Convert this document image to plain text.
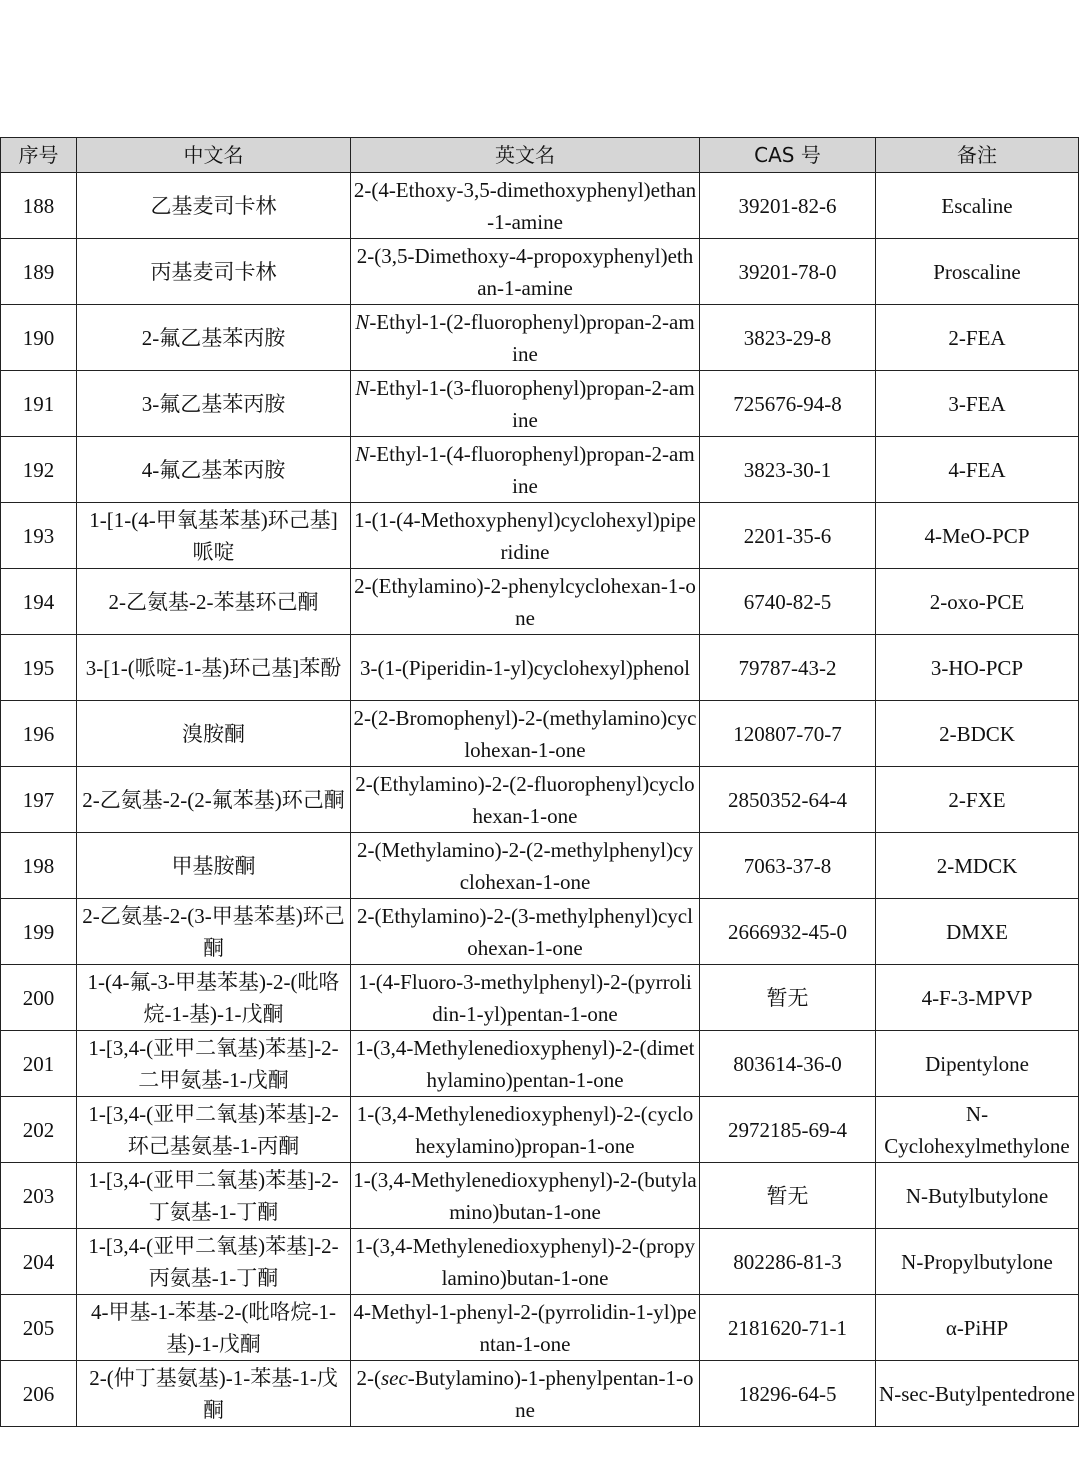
序号	中文名	英文名	CAS 号	备注
188	乙基麦司卡林	2-(4-Ethoxy-3,5-dimethoxyphenyl)ethan-1-amine	39201-82-6	Escaline
189	丙基麦司卡林	2-(3,5-Dimethoxy-4-propoxyphenyl)ethan-1-amine	39201-78-0	Proscaline
190	2-氟乙基苯丙胺	N-Ethyl-1-(2-fluorophenyl)propan-2-amine	3823-29-8	2-FEA
191	3-氟乙基苯丙胺	N-Ethyl-1-(3-fluorophenyl)propan-2-amine	725676-94-8	3-FEA
192	4-氟乙基苯丙胺	N-Ethyl-1-(4-fluorophenyl)propan-2-amine	3823-30-1	4-FEA
193	1-[1-(4-甲氧基苯基)环己基]哌啶	1-(1-(4-Methoxyphenyl)cyclohexyl)piperidine	2201-35-6	4-MeO-PCP
194	2-乙氨基-2-苯基环己酮	2-(Ethylamino)-2-phenylcyclohexan-1-one	6740-82-5	2-oxo-PCE
195	3-[1-(哌啶-1-基)环己基]苯酚	3-(1-(Piperidin-1-yl)cyclohexyl)phenol	79787-43-2	3-HO-PCP
196	溴胺酮	2-(2-Bromophenyl)-2-(methylamino)cyclohexan-1-one	120807-70-7	2-BDCK
197	2-乙氨基-2-(2-氟苯基)环己酮	2-(Ethylamino)-2-(2-fluorophenyl)cyclohexan-1-one	2850352-64-4	2-FXE
198	甲基胺酮	2-(Methylamino)-2-(2-methylphenyl)cyclohexan-1-one	7063-37-8	2-MDCK
199	2-乙氨基-2-(3-甲基苯基)环己酮	2-(Ethylamino)-2-(3-methylphenyl)cyclohexan-1-one	2666932-45-0	DMXE
200	1-(4-氟-3-甲基苯基)-2-(吡咯烷-1-基)-1-戊酮	1-(4-Fluoro-3-methylphenyl)-2-(pyrrolidin-1-yl)pentan-1-one	暂无	4-F-3-MPVP
201	1-[3,4-(亚甲二氧基)苯基]-2-二甲氨基-1-戊酮	1-(3,4-Methylenedioxyphenyl)-2-(dimethylamino)pentan-1-one	803614-36-0	Dipentylone
202	1-[3,4-(亚甲二氧基)苯基]-2-环己基氨基-1-丙酮	1-(3,4-Methylenedioxyphenyl)-2-(cyclohexylamino)propan-1-one	2972185-69-4	N-Cyclohexylmethylone
203	1-[3,4-(亚甲二氧基)苯基]-2-丁氨基-1-丁酮	1-(3,4-Methylenedioxyphenyl)-2-(butylamino)butan-1-one	暂无	N-Butylbutylone
204	1-[3,4-(亚甲二氧基)苯基]-2-丙氨基-1-丁酮	1-(3,4-Methylenedioxyphenyl)-2-(propylamino)butan-1-one	802286-81-3	N-Propylbutylone
205	4-甲基-1-苯基-2-(吡咯烷-1-基)-1-戊酮	4-Methyl-1-phenyl-2-(pyrrolidin-1-yl)pentan-1-one	2181620-71-1	α-PiHP
206	2-(仲丁基氨基)-1-苯基-1-戊酮	2-(sec-Butylamino)-1-phenylpentan-1-one	18296-64-5	N-sec-Butylpentedrone
